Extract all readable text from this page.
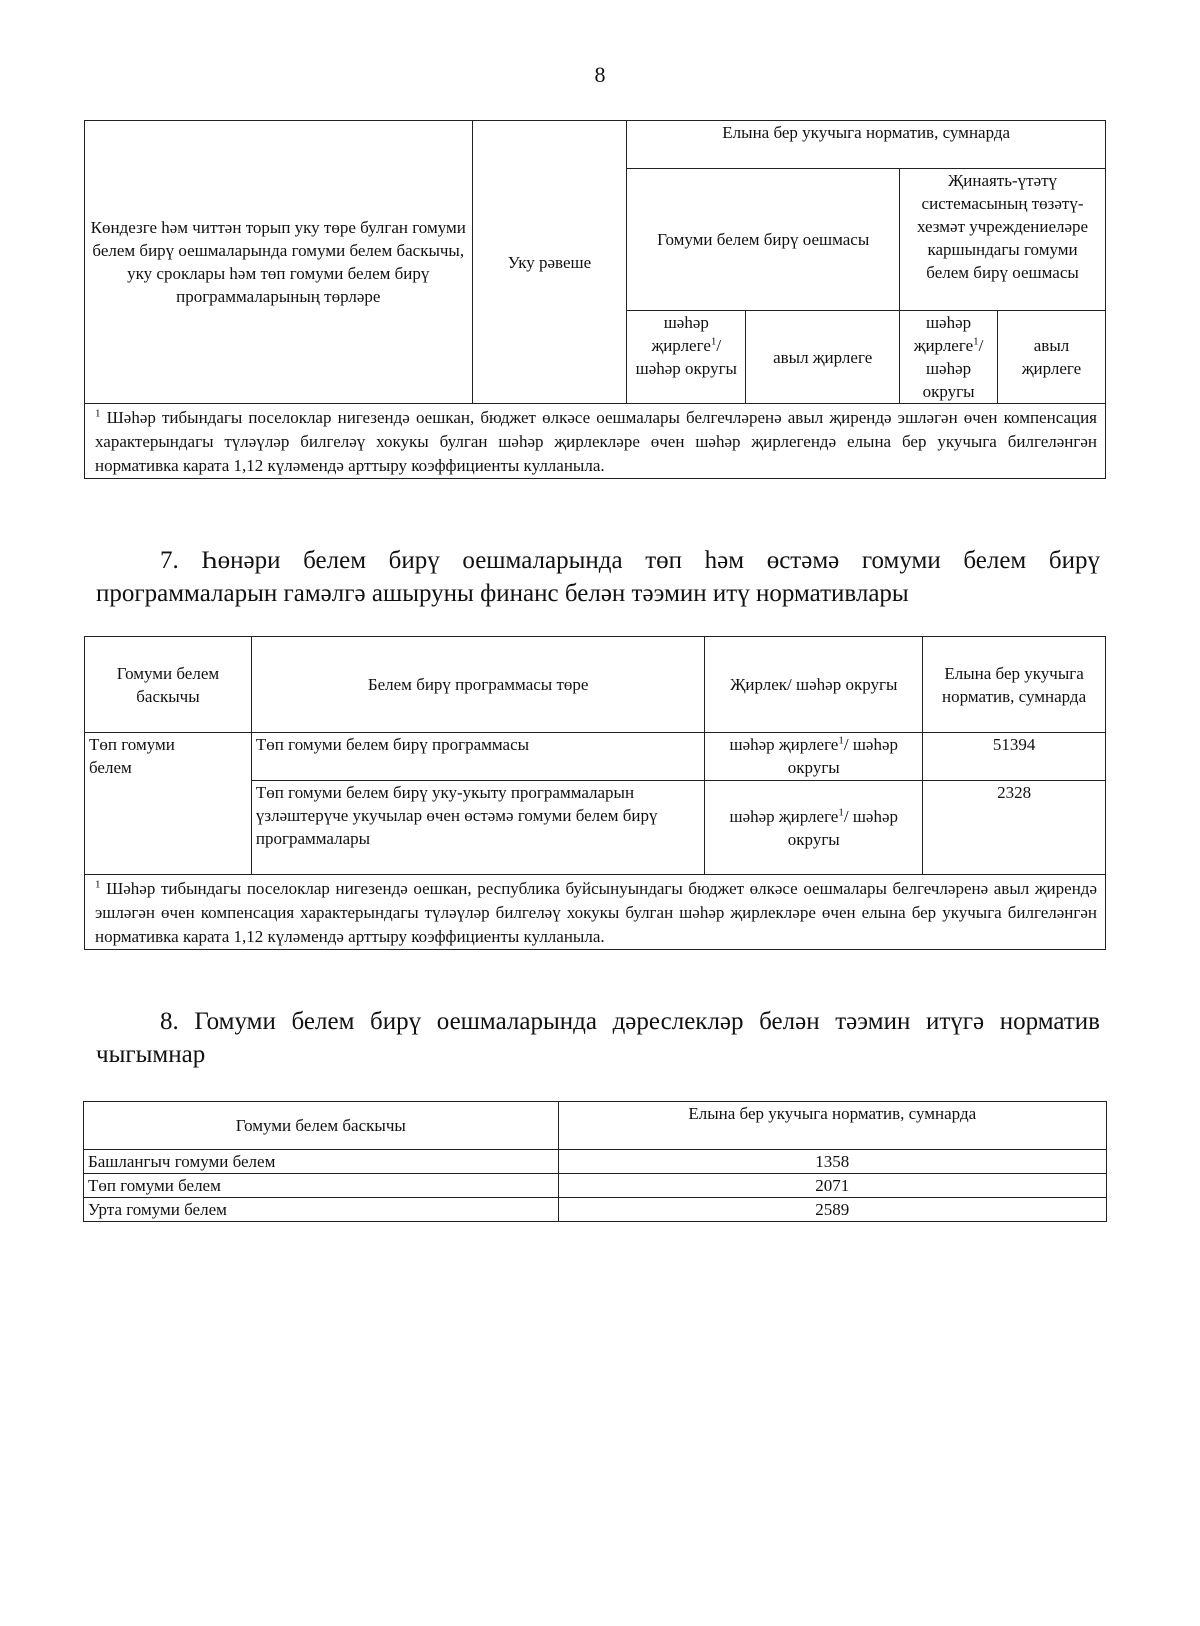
8
Көндезге һәм читтән торып уку төре булган гомуми белем бирү оешмаларында гомуми белем баскычы, уку сроклары һәм төп гомуми белем бирү программаларының төрләре	Уку рәвеше	Елына бер укучыга норматив, сумнарда			
		Гомуми белем бирү оешмасы		Җинаять-үтәтү системасының төзәтү-хезмәт учреждениеләре каршындагы гомуми белем бирү оешмасы	
		шәһәр җирлеге$^1$/ шәһәр округы	авыл җирлеге	шәһәр җирлеге$^1$/ шәһәр округы	авыл җирлеге
$^1$ Шәһәр тибындагы поселоклар нигезендә оешкан, бюджет өлкәсе оешмалары белгечләренә авыл җирендә эшләгән өчен компенсация характерындагы түләүләр билгеләү хокукы булган шәһәр җирлекләре өчен шәһәр җирлегендә елына бер укучыга билгеләнгән нормативка карата 1,12 күләмендә арттыру коэффициенты кулланыла.					
7. Һөнәри белем бирү оешмаларында төп һәм өстәмә гомуми белем бирү программаларын гамәлгә ашыруны финанс белән тәэмин итү нормативлары
Гомуми белем баскычы	Белем бирү программасы төре	Җирлек/ шәһәр округы	Елына бер укучыга норматив, сумнарда
Төп гомуми белем	Төп гомуми белем бирү программасы	шәһәр җирлеге$^1$/ шәһәр округы	51394
	Төп гомуми белем бирү уку-укыту программаларын үзләштерүче укучылар өчен өстәмә гомуми белем бирү программалары	шәһәр җирлеге$^1$/ шәһәр округы	2328
$^1$ Шәһәр тибындагы поселоклар нигезендә оешкан, республика буйсынуындагы бюджет өлкәсе оешмалары белгечләренә авыл җирендә эшләгән өчен компенсация характерындагы түләүләр билгеләү хокукы булган шәһәр җирлекләре өчен елына бер укучыга билгеләнгән нормативка карата 1,12 күләмендә арттыру коэффициенты кулланыла.			
8. Гомуми белем бирү оешмаларында дәреслекләр белән тәэмин итүгә норматив чыгымнар
Гомуми белем баскычы	Елына бер укучыга норматив, сумнарда
Башлангыч гомуми белем	1358
Төп гомуми белем	2071
Урта гомуми белем	2589
